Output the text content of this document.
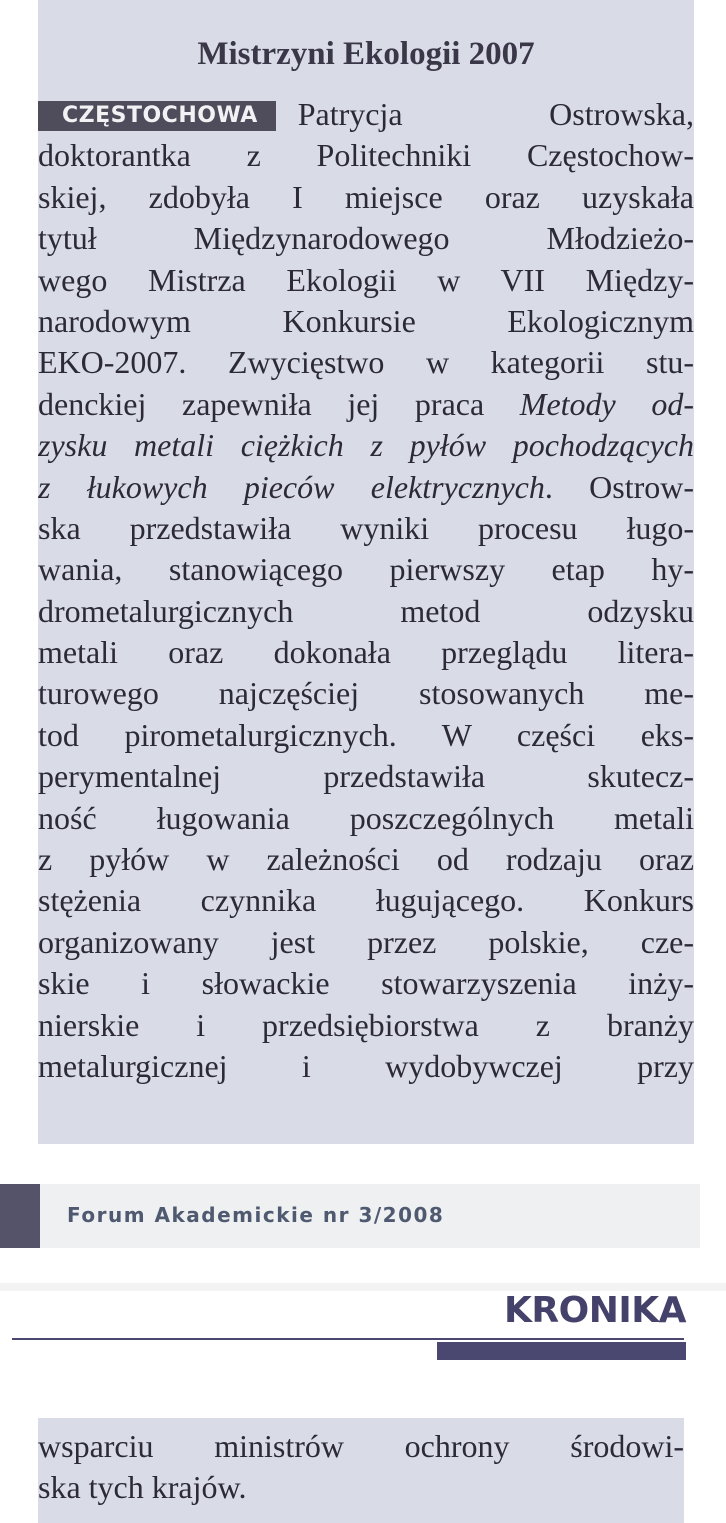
Mistrzyni Ekologii 2007
CZĘSTOCHOWA Patrycja Ostrowska,
doktorantka z Politechniki Częstochow-
skiej, zdobyła I miejsce oraz uzyskała
tytuł Międzynarodowego Młodzieżo-
wego Mistrza Ekologii w VII Między-
narodowym Konkursie Ekologicznym
EKO-2007. Zwycięstwo w kategorii stu-
denckiej zapewniła jej praca Metody od-
zysku metali ciężkich z pyłów pochodzących
z łukowych pieców elektrycznych. Ostrow-
ska przedstawiła wyniki procesu ługo-
wania, stanowiącego pierwszy etap hy-
drometalurgicznych metod odzysku
metali oraz dokonała przeglądu litera-
turowego najczęściej stosowanych me-
tod pirometalurgicznych. W części eks-
perymentalnej przedstawiła skutecz-
ność ługowania poszczególnych metali
z pyłów w zależności od rodzaju oraz
stężenia czynnika ługującego. Konkurs
organizowany jest przez polskie, cze-
skie i słowackie stowarzyszenia inży-
nierskie i przedsiębiorstwa z branży
metalurgicznej i wydobywczej przy
Forum Akademickie nr 3/2008
KRONIKA
wsparciu ministrów ochrony środowi-
ska tych krajów.
